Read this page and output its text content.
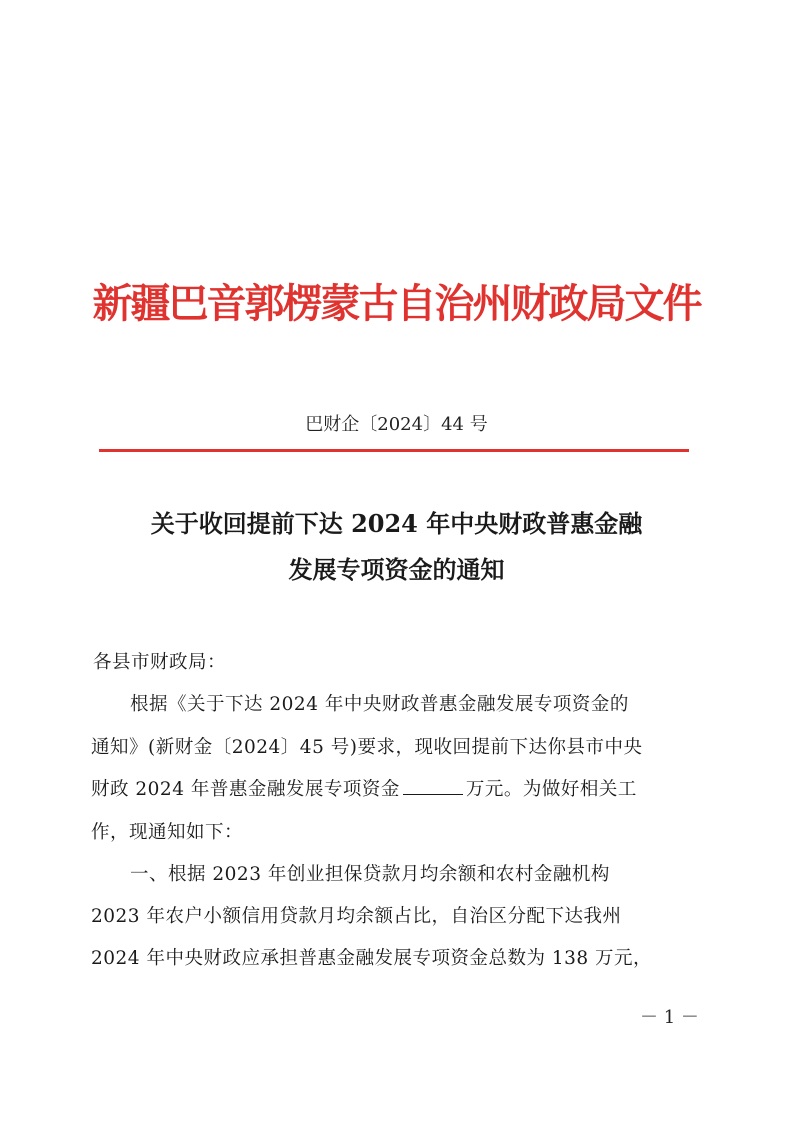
新疆巴音郭楞蒙古自治州财政局文件
巴财企〔2024〕44 号
关于收回提前下达 2024 年中央财政普惠金融
发展专项资金的通知
各县市财政局：
根据《关于下达 2024 年中央财政普惠金融发展专项资金的
通知》(新财金〔2024〕45 号)要求，现收回提前下达你县市中央
财政 2024 年普惠金融发展专项资金	万元。为做好相关工
作，现通知如下：
一、根据 2023 年创业担保贷款月均余额和农村金融机构
2023 年农户小额信用贷款月均余额占比，自治区分配下达我州
2024 年中央财政应承担普惠金融发展专项资金总数为 138 万元，
－ 1 －
